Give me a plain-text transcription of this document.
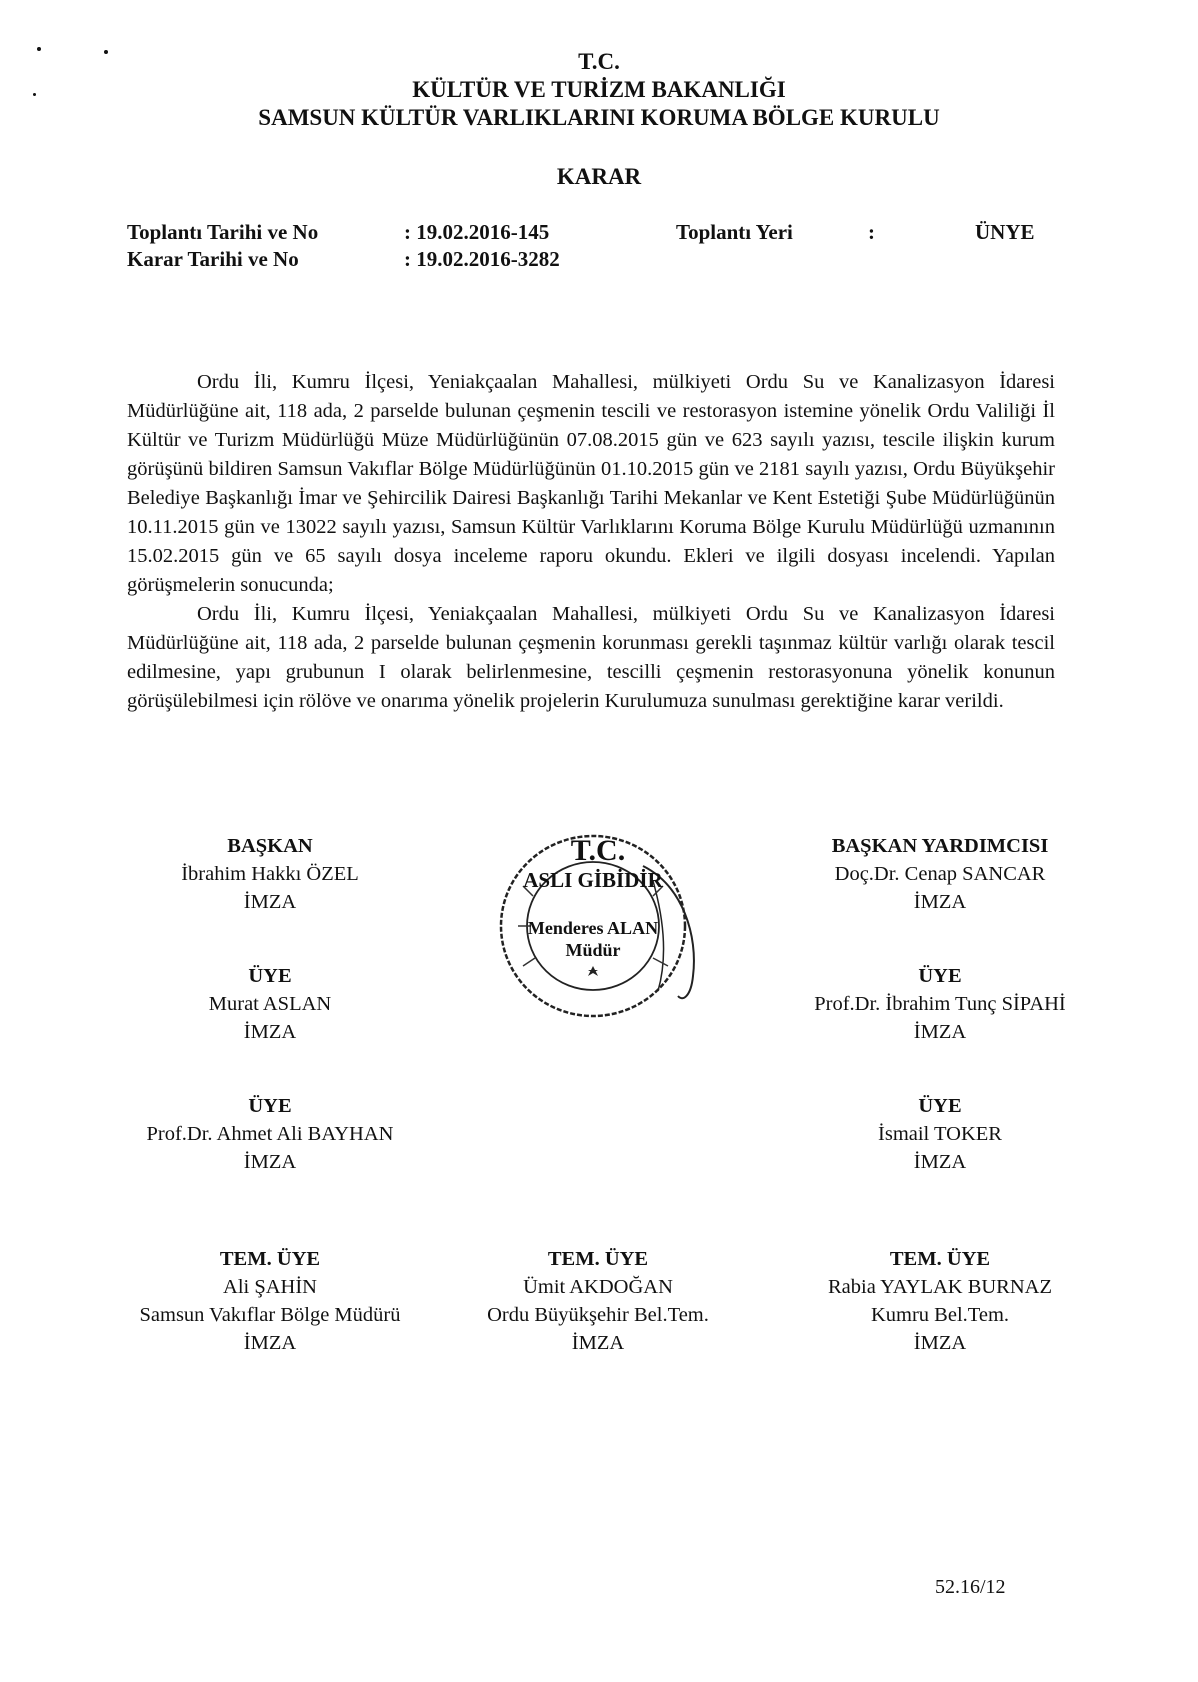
T.C.
KÜLTÜR VE TURİZM BAKANLIĞI
SAMSUN KÜLTÜR VARLIKLARINI KORUMA BÖLGE KURULU
KARAR
Toplantı Tarihi ve No	: 19.02.2016-145	Toplantı Yeri	:	ÜNYE
Karar Tarihi ve No	: 19.02.2016-3282

Ordu İli, Kumru İlçesi, Yeniakçaalan Mahallesi, mülkiyeti Ordu Su ve Kanalizasyon İdaresi Müdürlüğüne ait, 118 ada, 2 parselde bulunan çeşmenin tescili ve restorasyon istemine yönelik Ordu Valiliği İl Kültür ve Turizm Müdürlüğü Müze Müdürlüğünün 07.08.2015 gün ve 623 sayılı yazısı, tescile ilişkin kurum görüşünü bildiren Samsun Vakıflar Bölge Müdürlüğünün 01.10.2015 gün ve 2181 sayılı yazısı, Ordu Büyükşehir Belediye Başkanlığı İmar ve Şehircilik Dairesi Başkanlığı Tarihi Mekanlar ve Kent Estetiği Şube Müdürlüğünün 10.11.2015 gün ve 13022 sayılı yazısı, Samsun Kültür Varlıklarını Koruma Bölge Kurulu Müdürlüğü uzmanının 15.02.2015 gün ve 65 sayılı dosya inceleme raporu okundu. Ekleri ve ilgili dosyası incelendi. Yapılan görüşmelerin sonucunda;

Ordu İli, Kumru İlçesi, Yeniakçaalan Mahallesi, mülkiyeti Ordu Su ve Kanalizasyon İdaresi Müdürlüğüne ait, 118 ada, 2 parselde bulunan çeşmenin korunması gerekli taşınmaz kültür varlığı olarak tescil edilmesine, yapı grubunun I olarak belirlenmesine, tescilli çeşmenin restorasyonuna yönelik konunun görüşülebilmesi için rölöve ve onarıma yönelik projelerin Kurulumuza sunulması gerektiğine karar verildi.

T.C.
ASLI GİBİDİR
Menderes ALAN
Müdür
BAŞKAN
İbrahim Hakkı ÖZEL
İMZA
BAŞKAN YARDIMCISI
Doç.Dr. Cenap SANCAR
İMZA
ÜYE
Murat ASLAN
İMZA
ÜYE
Prof.Dr. İbrahim Tunç SİPAHİ
İMZA
ÜYE
Prof.Dr. Ahmet Ali BAYHAN
İMZA
ÜYE
İsmail TOKER
İMZA
TEM. ÜYE
Ali ŞAHİN
Samsun Vakıflar Bölge Müdürü
İMZA
TEM. ÜYE
Ümit AKDOĞAN
Ordu Büyükşehir Bel.Tem.
İMZA
TEM. ÜYE
Rabia YAYLAK BURNAZ
Kumru Bel.Tem.
İMZA
52.16/12
